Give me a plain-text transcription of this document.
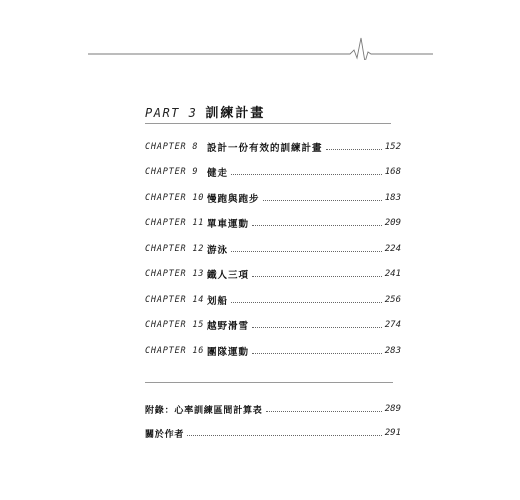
PART 3 訓練計畫
CHAPTER 8 設計一份有效的訓練計畫	152
CHAPTER 9 健走	168
CHAPTER 10 慢跑與跑步	183
CHAPTER 11 單車運動	209
CHAPTER 12 游泳	224
CHAPTER 13 鐵人三項	241
CHAPTER 14 划船	256
CHAPTER 15 越野滑雪	274
CHAPTER 16 團隊運動	283
附錄：心率訓練區間計算表	289
關於作者	291
